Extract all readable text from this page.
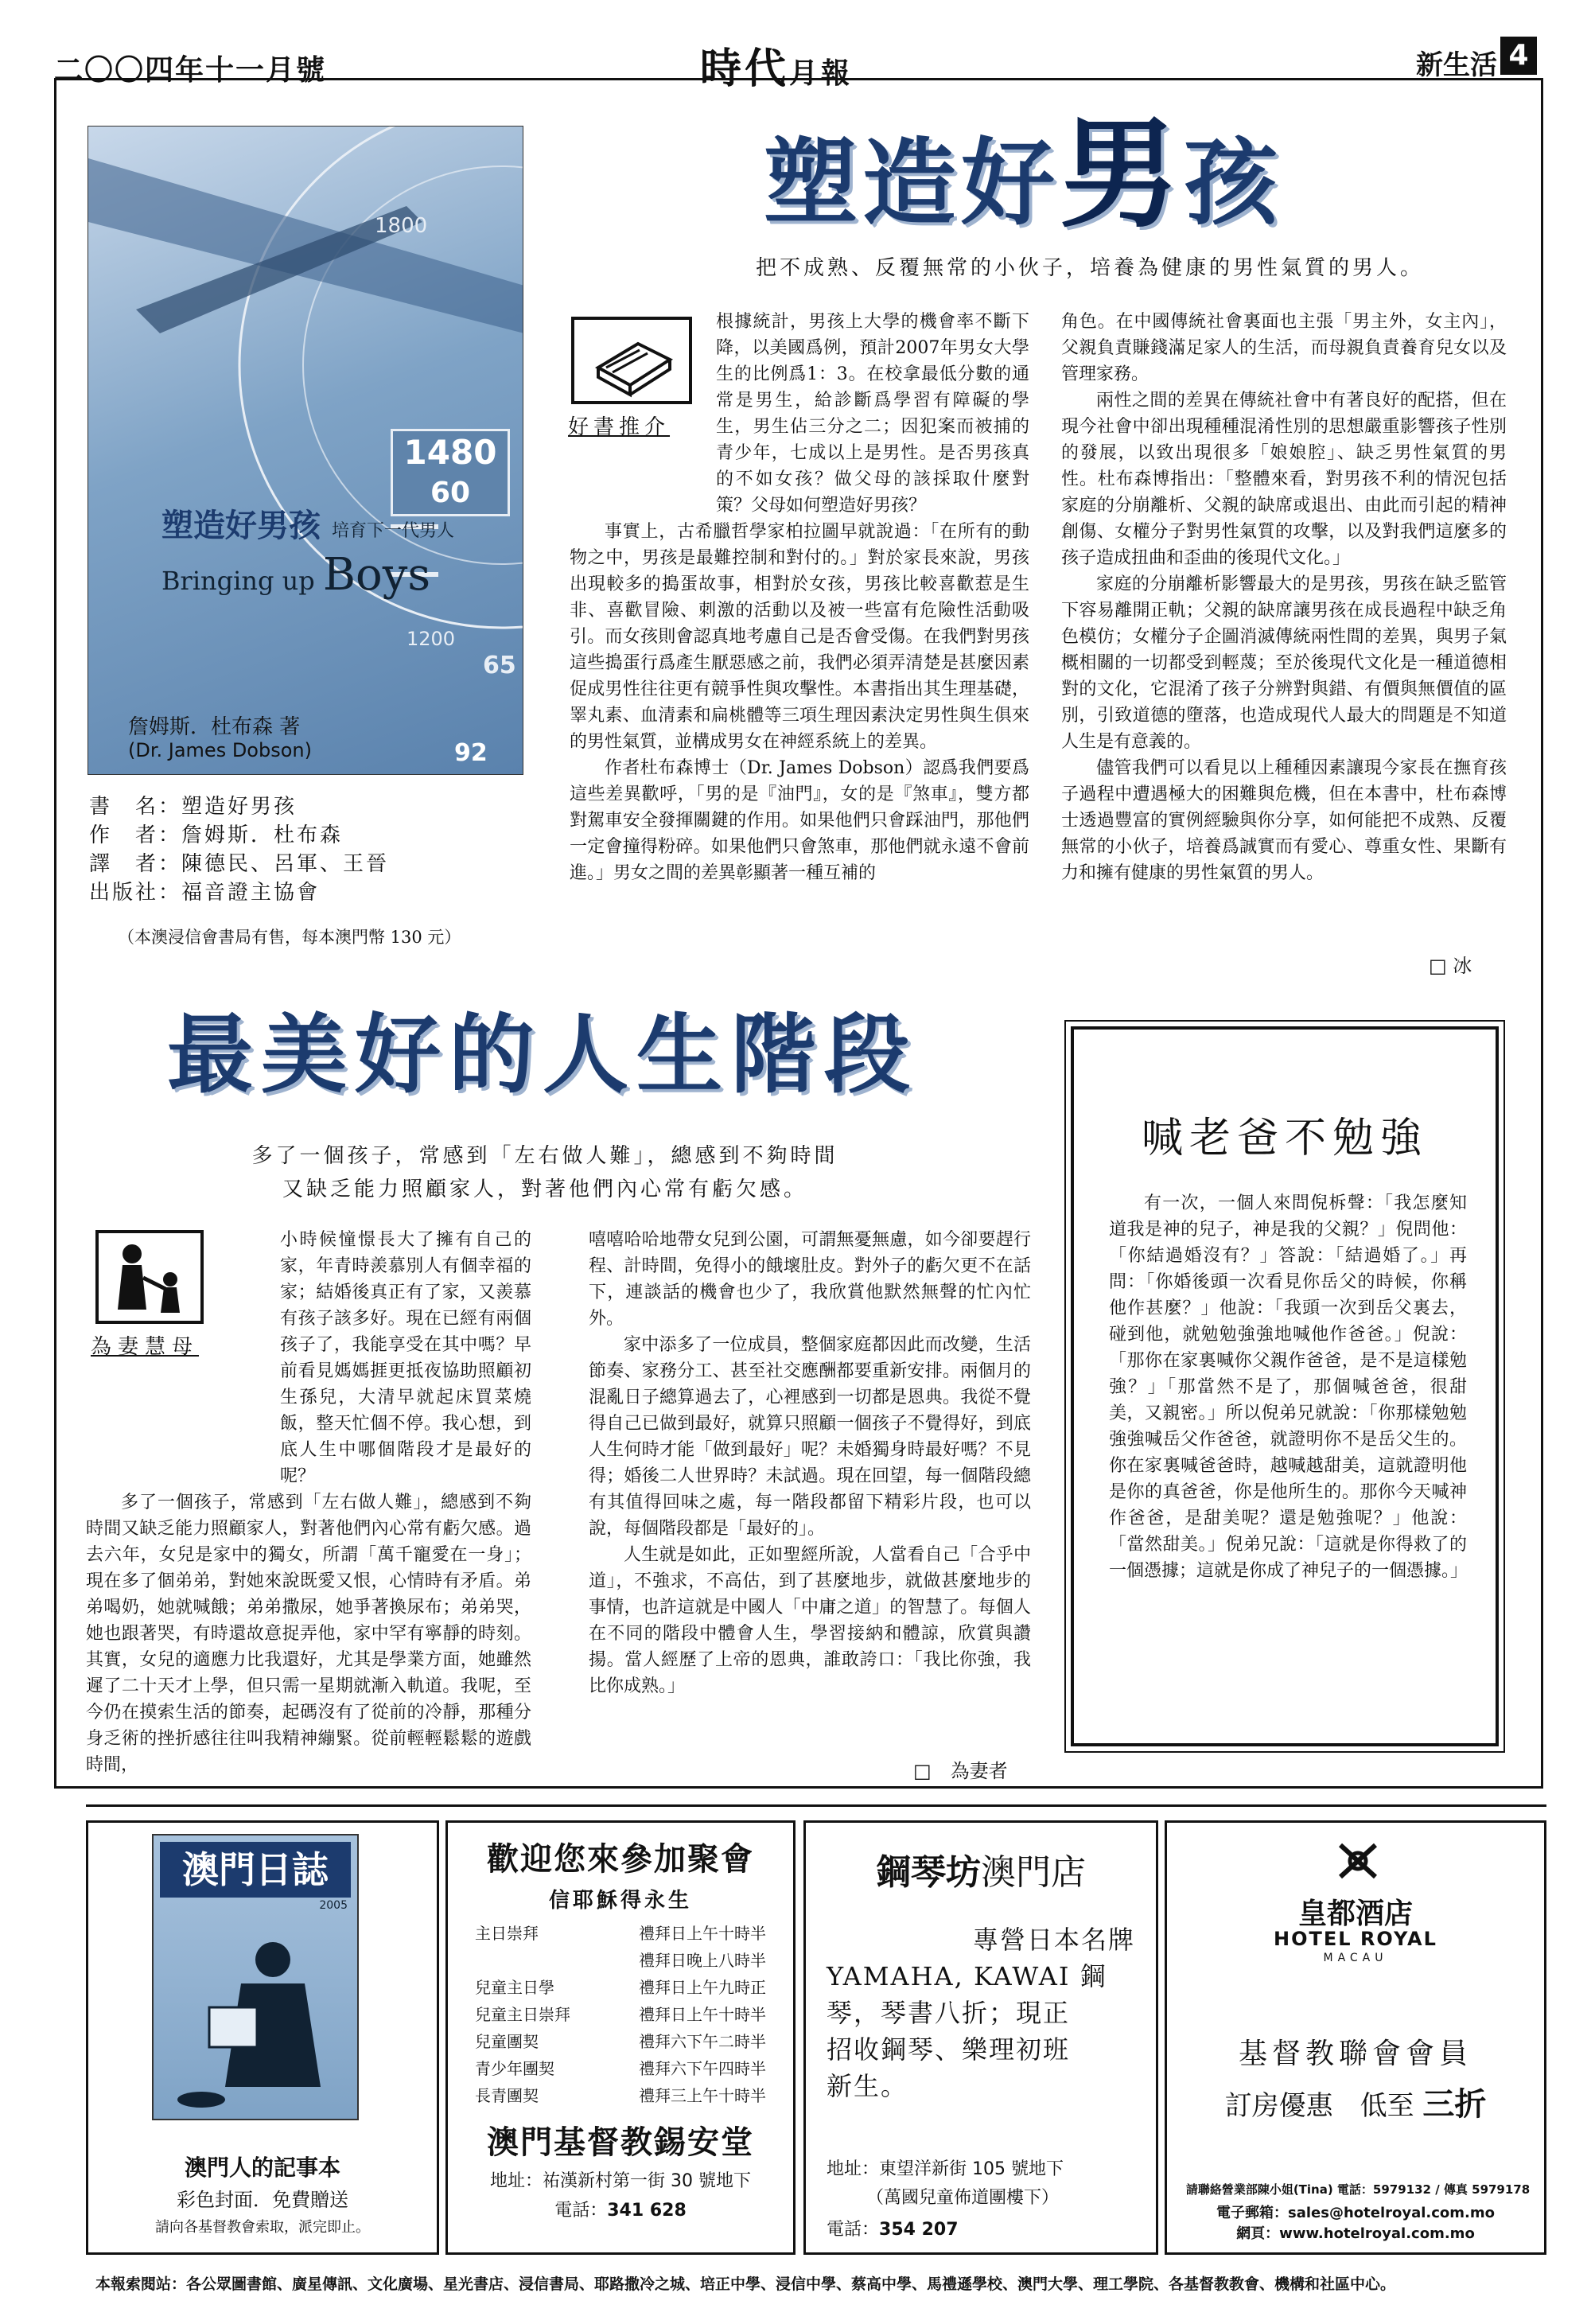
二〇〇四年十一月號	時代月報	新生活 4
1800
1480
60
1200
65
92
塑造好男孩 培育下一代男人
Bringing up Boys
詹姆斯．杜布森 著
(Dr. James Dobson)
書　名：塑造好男孩
作　者：詹姆斯．杜布森
譯　者：陳德民、呂軍、王晉
出版社：福音證主協會
（本澳浸信會書局有售，每本澳門幣 130 元）
塑造好男孩
把不成熟、反覆無常的小伙子，培養為健康的男性氣質的男人。
好書推介

根據統計，男孩上大學的機會率不斷下降，以美國爲例，預計2007年男女大學生的比例爲1：3。在校拿最低分數的通常是男生，給診斷爲學習有障礙的學生，男生佔三分之二；因犯案而被捕的青少年，七成以上是男性。是否男孩真的不如女孩？做父母的該採取什麼對策？父母如何塑造好男孩？

事實上，古希臘哲學家柏拉圖早就說過：「在所有的動物之中，男孩是最難控制和對付的。」對於家長來說，男孩出現較多的搗蛋故事，相對於女孩，男孩比較喜歡惹是生非、喜歡冒險、刺激的活動以及被一些富有危險性活動吸引。而女孩則會認真地考慮自己是否會受傷。在我們對男孩這些搗蛋行爲產生厭惡感之前，我們必須弄清楚是甚麼因素促成男性往往更有競爭性與攻擊性。本書指出其生理基礎，睪丸素、血清素和扁桃體等三項生理因素決定男性與生俱來的男性氣質，並構成男女在神經系統上的差異。

作者杜布森博士（Dr. James Dobson）認爲我們要爲這些差異歡呼，「男的是『油門』，女的是『煞車』，雙方都對駕車安全發揮關鍵的作用。如果他們只會踩油門，那他們一定會撞得粉碎。如果他們只會煞車，那他們就永遠不會前進。」男女之間的差異彰顯著一種互補的

角色。在中國傳統社會裏面也主張「男主外，女主內」，父親負責賺錢滿足家人的生活，而母親負責養育兒女以及管理家務。

兩性之間的差異在傳統社會中有著良好的配搭，但在現今社會中卻出現種種混淆性別的思想嚴重影響孩子性別的發展，以致出現很多「娘娘腔」、缺乏男性氣質的男性。杜布森博指出：「整體來看，對男孩不利的情況包括家庭的分崩離析、父親的缺席或退出、由此而引起的精神創傷、女權分子對男性氣質的攻擊，以及對我們這麼多的孩子造成扭曲和歪曲的後現代文化。」

家庭的分崩離析影響最大的是男孩，男孩在缺乏監管下容易離開正軌；父親的缺席讓男孩在成長過程中缺乏角色模仿；女權分子企圖消滅傳統兩性間的差異，與男子氣概相關的一切都受到輕蔑；至於後現代文化是一種道德相對的文化，它混淆了孩子分辨對與錯、有價與無價值的區別，引致道德的墮落，也造成現代人最大的問題是不知道人生是有意義的。

儘管我們可以看見以上種種因素讓現今家長在撫育孩子過程中遭遇極大的困難與危機，但在本書中，杜布森博士透過豐富的實例經驗與你分享，如何能把不成熟、反覆無常的小伙子，培養爲誠實而有愛心、尊重女性、果斷有力和擁有健康的男性氣質的男人。

□ 冰
最美好的人生階段
多了一個孩子，常感到「左右做人難」，總感到不夠時間
又缺乏能力照顧家人，對著他們內心常有虧欠感。
為妻慧母

小時候憧憬長大了擁有自己的家，年青時羨慕別人有個幸福的家；結婚後真正有了家，又羨慕有孩子該多好。現在已經有兩個孩子了，我能享受在其中嗎？早前看見媽媽捱更抵夜協助照顧初生孫兒，大清早就起床買菜燒飯，整天忙個不停。我心想，到底人生中哪個階段才是最好的呢？

多了一個孩子，常感到「左右做人難」，總感到不夠時間又缺乏能力照顧家人，對著他們內心常有虧欠感。過去六年，女兒是家中的獨女，所謂「萬千寵愛在一身」；現在多了個弟弟，對她來說既愛又恨，心情時有矛盾。弟弟喝奶，她就喊餓；弟弟撒尿，她爭著換尿布；弟弟哭，她也跟著哭，有時還故意捉弄他，家中罕有寧靜的時刻。其實，女兒的適應力比我還好，尤其是學業方面，她雖然遲了二十天才上學，但只需一星期就漸入軌道。我呢，至今仍在摸索生活的節奏，起碼沒有了從前的冷靜，那種分身乏術的挫折感往往叫我精神繃緊。從前輕輕鬆鬆的遊戲時間，

嘻嘻哈哈地帶女兒到公園，可謂無憂無慮，如今卻要趕行程、計時間，免得小的餓壞肚皮。對外子的虧欠更不在話下，連談話的機會也少了，我欣賞他默然無聲的忙內忙外。

家中添多了一位成員，整個家庭都因此而改變，生活節奏、家務分工、甚至社交應酬都要重新安排。兩個月的混亂日子總算過去了，心裡感到一切都是恩典。我從不覺得自己已做到最好，就算只照顧一個孩子不覺得好，到底人生何時才能「做到最好」呢？未婚獨身時最好嗎？不見得；婚後二人世界時？未試過。現在回望，每一個階段總有其值得回味之處，每一階段都留下精彩片段，也可以說，每個階段都是「最好的」。

人生就是如此，正如聖經所說，人當看自己「合乎中道」，不強求，不高估，到了甚麼地步，就做甚麼地步的事情，也許這就是中國人「中庸之道」的智慧了。每個人在不同的階段中體會人生，學習接納和體諒，欣賞與讚揚。當人經歷了上帝的恩典，誰敢誇口：「我比你強，我比你成熟。」

□　為妻者
喊老爸不勉強

有一次，一個人來問倪柝聲：「我怎麼知道我是神的兒子，神是我的父親？」倪問他：「你結過婚沒有？」答說：「結過婚了。」再問：「你婚後頭一次看見你岳父的時候，你稱他作甚麼？」他說：「我頭一次到岳父裏去，碰到他，就勉勉強強地喊他作爸爸。」倪說：「那你在家裏喊你父親作爸爸，是不是這樣勉強？」「那當然不是了，那個喊爸爸，很甜美，又親密。」所以倪弟兄就說：「你那樣勉勉強強喊岳父作爸爸，就證明你不是岳父生的。你在家裏喊爸爸時，越喊越甜美，這就證明他是你的真爸爸，你是他所生的。那你今天喊神作爸爸，是甜美呢？還是勉強呢？」他說：「當然甜美。」倪弟兄說：「這就是你得救了的一個憑據；這就是你成了神兒子的一個憑據。」

澳門日誌
2005
澳門人的記事本
彩色封面．免費贈送
請向各基督教會索取，派完即止。
歡迎您來參加聚會
信耶穌得永生
主日崇拜	禮拜日上午十時半
禮拜日晚上八時半
兒童主日學	禮拜日上午九時正
兒童主日崇拜	禮拜日上午十時半
兒童團契	禮拜六下午二時半
青少年團契	禮拜六下午四時半
長青團契	禮拜三上午十時半
澳門基督教錫安堂
地址：祐漢新村第一街 30 號地下
電話：341 628
鋼琴坊澳門店
專營日本名牌
YAMAHA, KAWAI 鋼
琴，琴書八折；現正
招收鋼琴、樂理初班
新生。
地址：東望洋新街 105 號地下
（萬國兒童佈道團樓下）
電話：354 207
皇都酒店
HOTEL ROYAL
MACAU
基督教聯會會員
訂房優惠　 低至 三折
請聯絡營業部陳小姐(Tina) 電話：5979132 / 傳真 5979178
電子郵箱：sales@hotelroyal.com.mo
網頁：www.hotelroyal.com.mo
本報索閱站：各公眾圖書館、廣星傳訊、文化廣場、星光書店、浸信書局、耶路撒冷之城、培正中學、浸信中學、蔡高中學、馬禮遜學校、澳門大學、理工學院、各基督教教會、機構和社區中心。
